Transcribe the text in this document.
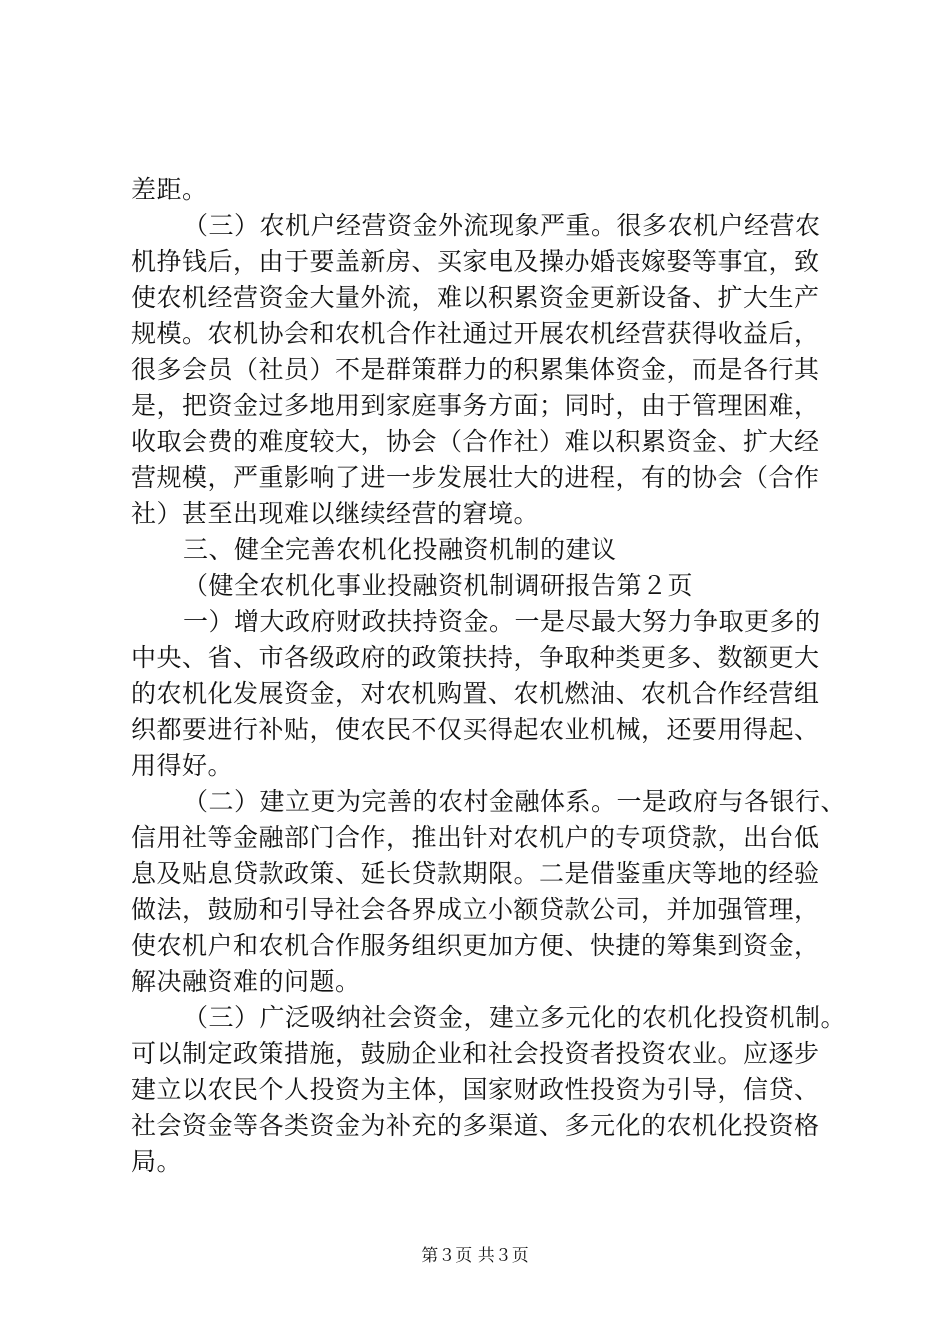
差距。
（三）农机户经营资金外流现象严重。很多农机户经营农
机挣钱后，由于要盖新房、买家电及操办婚丧嫁娶等事宜，致
使农机经营资金大量外流，难以积累资金更新设备、扩大生产
规模。农机协会和农机合作社通过开展农机经营获得收益后，
很多会员（社员）不是群策群力的积累集体资金，而是各行其
是，把资金过多地用到家庭事务方面；同时，由于管理困难，
收取会费的难度较大，协会（合作社）难以积累资金、扩大经
营规模，严重影响了进一步发展壮大的进程，有的协会（合作
社）甚至出现难以继续经营的窘境。
三、健全完善农机化投融资机制的建议
（健全农机化事业投融资机制调研报告第２页
一）增大政府财政扶持资金。一是尽最大努力争取更多的
中央、省、市各级政府的政策扶持，争取种类更多、数额更大
的农机化发展资金，对农机购置、农机燃油、农机合作经营组
织都要进行补贴，使农民不仅买得起农业机械，还要用得起、
用得好。
（二）建立更为完善的农村金融体系。一是政府与各银行、
信用社等金融部门合作，推出针对农机户的专项贷款，出台低
息及贴息贷款政策、延长贷款期限。二是借鉴重庆等地的经验
做法，鼓励和引导社会各界成立小额贷款公司，并加强管理，
使农机户和农机合作服务组织更加方便、快捷的筹集到资金，
解决融资难的问题。
（三）广泛吸纳社会资金，建立多元化的农机化投资机制。
可以制定政策措施，鼓励企业和社会投资者投资农业。应逐步
建立以农民个人投资为主体，国家财政性投资为引导，信贷、
社会资金等各类资金为补充的多渠道、多元化的农机化投资格
局。
第３页 共３页
